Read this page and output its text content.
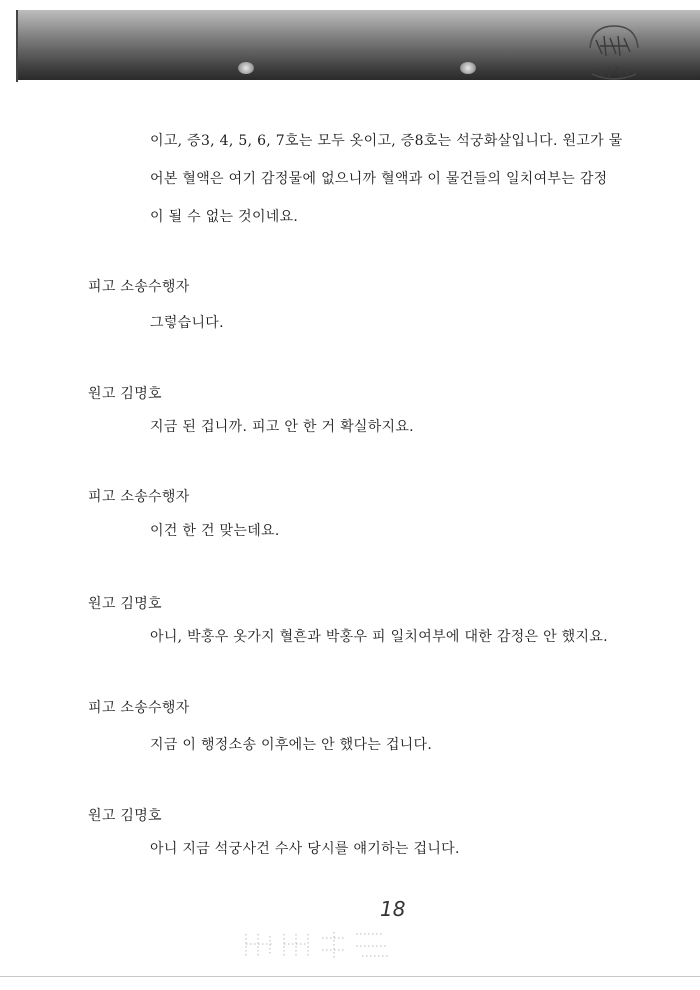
이고, 증3, 4, 5, 6, 7호는 모두 옷이고, 증8호는 석궁화살입니다. 원고가 물
어본 혈액은 여기 감정물에 없으니까 혈액과 이 물건들의 일치여부는 감정
이 될 수 없는 것이네요.
피고 소송수행자
그렇습니다.
원고 김명호
지금 된 겁니까. 피고 안 한 거 확실하지요.
피고 소송수행자
이건 한 건 맞는데요.
원고 김명호
아니, 박홍우 옷가지 혈흔과 박홍우 피 일치여부에 대한 감정은 안 했지요.
피고 소송수행자
지금 이 행정소송 이후에는 안 했다는 겁니다.
원고 김명호
아니 지금 석궁사건 수사 당시를 얘기하는 겁니다.
18
